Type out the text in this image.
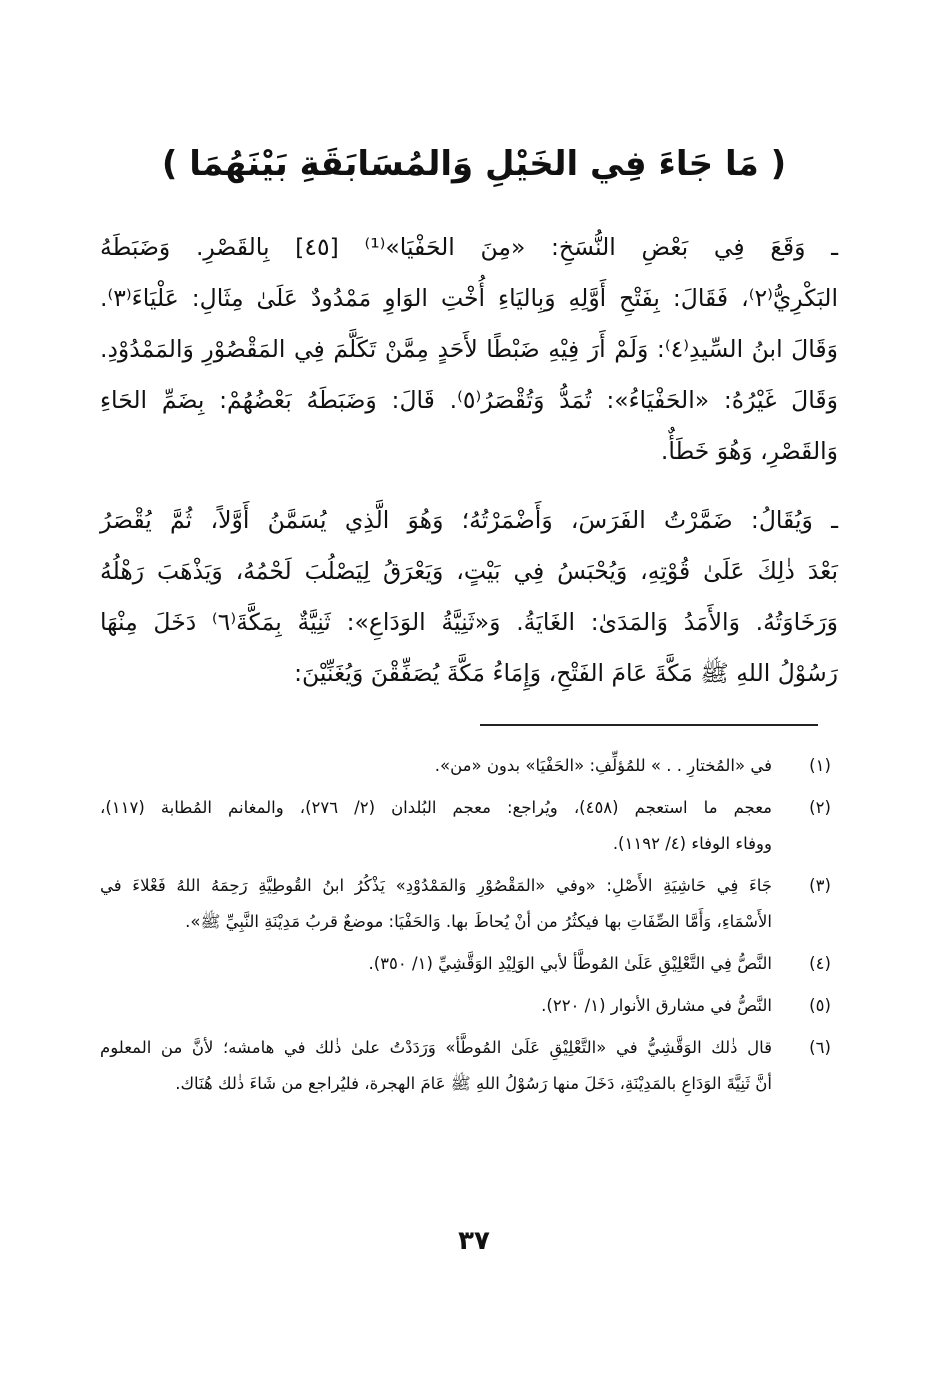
( مَا جَاءَ فِي الخَيْلِ وَالمُسَابَقَةِ بَيْنَهُمَا )

ـ وَقَعَ فِي بَعْضِ النُّسَخِ: «مِنَ الحَفْيَا»⁽¹⁾ [٤٥] بِالقَصْرِ. وَضَبَطَهُ
البَكْرِيُّ⁽٢⁾، فَقَالَ: بِفَتْحِ أَوَّلِهِ وَبِاليَاءِ أُخْتِ الوَاوِ مَمْدُودٌ عَلَىٰ مِثَالِ: عَلْيَاءَ⁽٣⁾.
وَقَالَ ابنُ السِّيدِ⁽٤⁾: وَلَمْ أَرَ فِيْهِ ضَبْطًا لأَحَدٍ مِمَّنْ تَكَلَّمَ فِي المَقْصُوْرِ وَالمَمْدُوْدِ.
وَقَالَ غَيْرُهُ: «الحَفْيَاءُ»: تُمَدُّ وَتُقْصَرُ⁽٥⁾. قَالَ: وَضَبَطَهُ بَعْضُهُمْ: بِضَمِّ الحَاءِ
وَالقَصْرِ، وَهُوَ خَطَأٌ.

ـ وَيُقَالُ: ضَمَّرْتُ الفَرَسَ، وَأَضْمَرْتُهُ؛ وَهُوَ الَّذِي يُسَمَّنُ أَوَّلاً، ثُمَّ يُقْصَرُ
بَعْدَ ذٰلِكَ عَلَىٰ قُوْتِهِ، وَيُحْبَسُ فِي بَيْتٍ، وَيَعْرَقُ لِيَصْلُبَ لَحْمُهُ، وَيَذْهَبَ رَهْلُهُ
وَرَخَاوَتُهُ. وَالأَمَدُ وَالمَدَىٰ: الغَايَةُ. وَ«ثَنِيَّةُ الوَدَاعِ»: ثَنِيَّةٌ بِمَكَّةَ⁽٦⁾ دَخَلَ مِنْهَا
رَسُوْلُ اللهِ ﷺ مَكَّةَ عَامَ الفَتْحِ، وَإِمَاءُ مَكَّةَ يُصَفِّقْنَ وَيُغَنِّيْنَ:

(١)
في «المُختارِ . . » للمُؤلِّفِ: «الحَفْيَا» بدون «من».
(٢)
معجم ما استعجم (٤٥٨)، ويُراجع: معجم البُلدان (٢/ ٢٧٦)، والمغانم المُطابة (١١٧)،
ووفاء الوفاء (٤/ ١١٩٢).
(٣)
جَاءَ فِي حَاشِيَةِ الأَصْلِ: «وفي «المَقْصُوْرِ وَالمَمْدُوْدِ» يَذْكُرُ ابنُ القُوطِيَّةِ رَحِمَهُ اللهُ فَعْلاءَ في
الأَسْمَاءِ، وَأَمَّا الصِّفَاتِ بها فيكثُرُ من أنْ يُحاطَ بها. وَالحَفْيَا: موضعٌ قربُ مَدِيْنَةِ النَّبِيِّ ﷺ».
(٤)
النَّصُّ فِي التَّعْلِيْقِ عَلَىٰ المُوطَّأ لأبي الوَلِيْدِ الوَقَّشِيِّ (١/ ٣٥٠).
(٥)
النَّصُّ في مشارق الأنوار (١/ ٢٢٠).
(٦)
قال ذٰلك الوَقَّشِيُّ في «التَّعْلِيْقِ عَلَىٰ المُوطَّأ» وَرَدَدْتُ علىٰ ذٰلك في هامشه؛ لأنَّ من المعلوم
أنَّ ثَنِيَّةَ الوَدَاعِ بالمَدِيْنَةِ، دَخَلَ منها رَسُوْلُ اللهِ ﷺ عَامَ الهجرة، فليُراجع من شَاءَ ذٰلك هُنَاك.
٣٧
